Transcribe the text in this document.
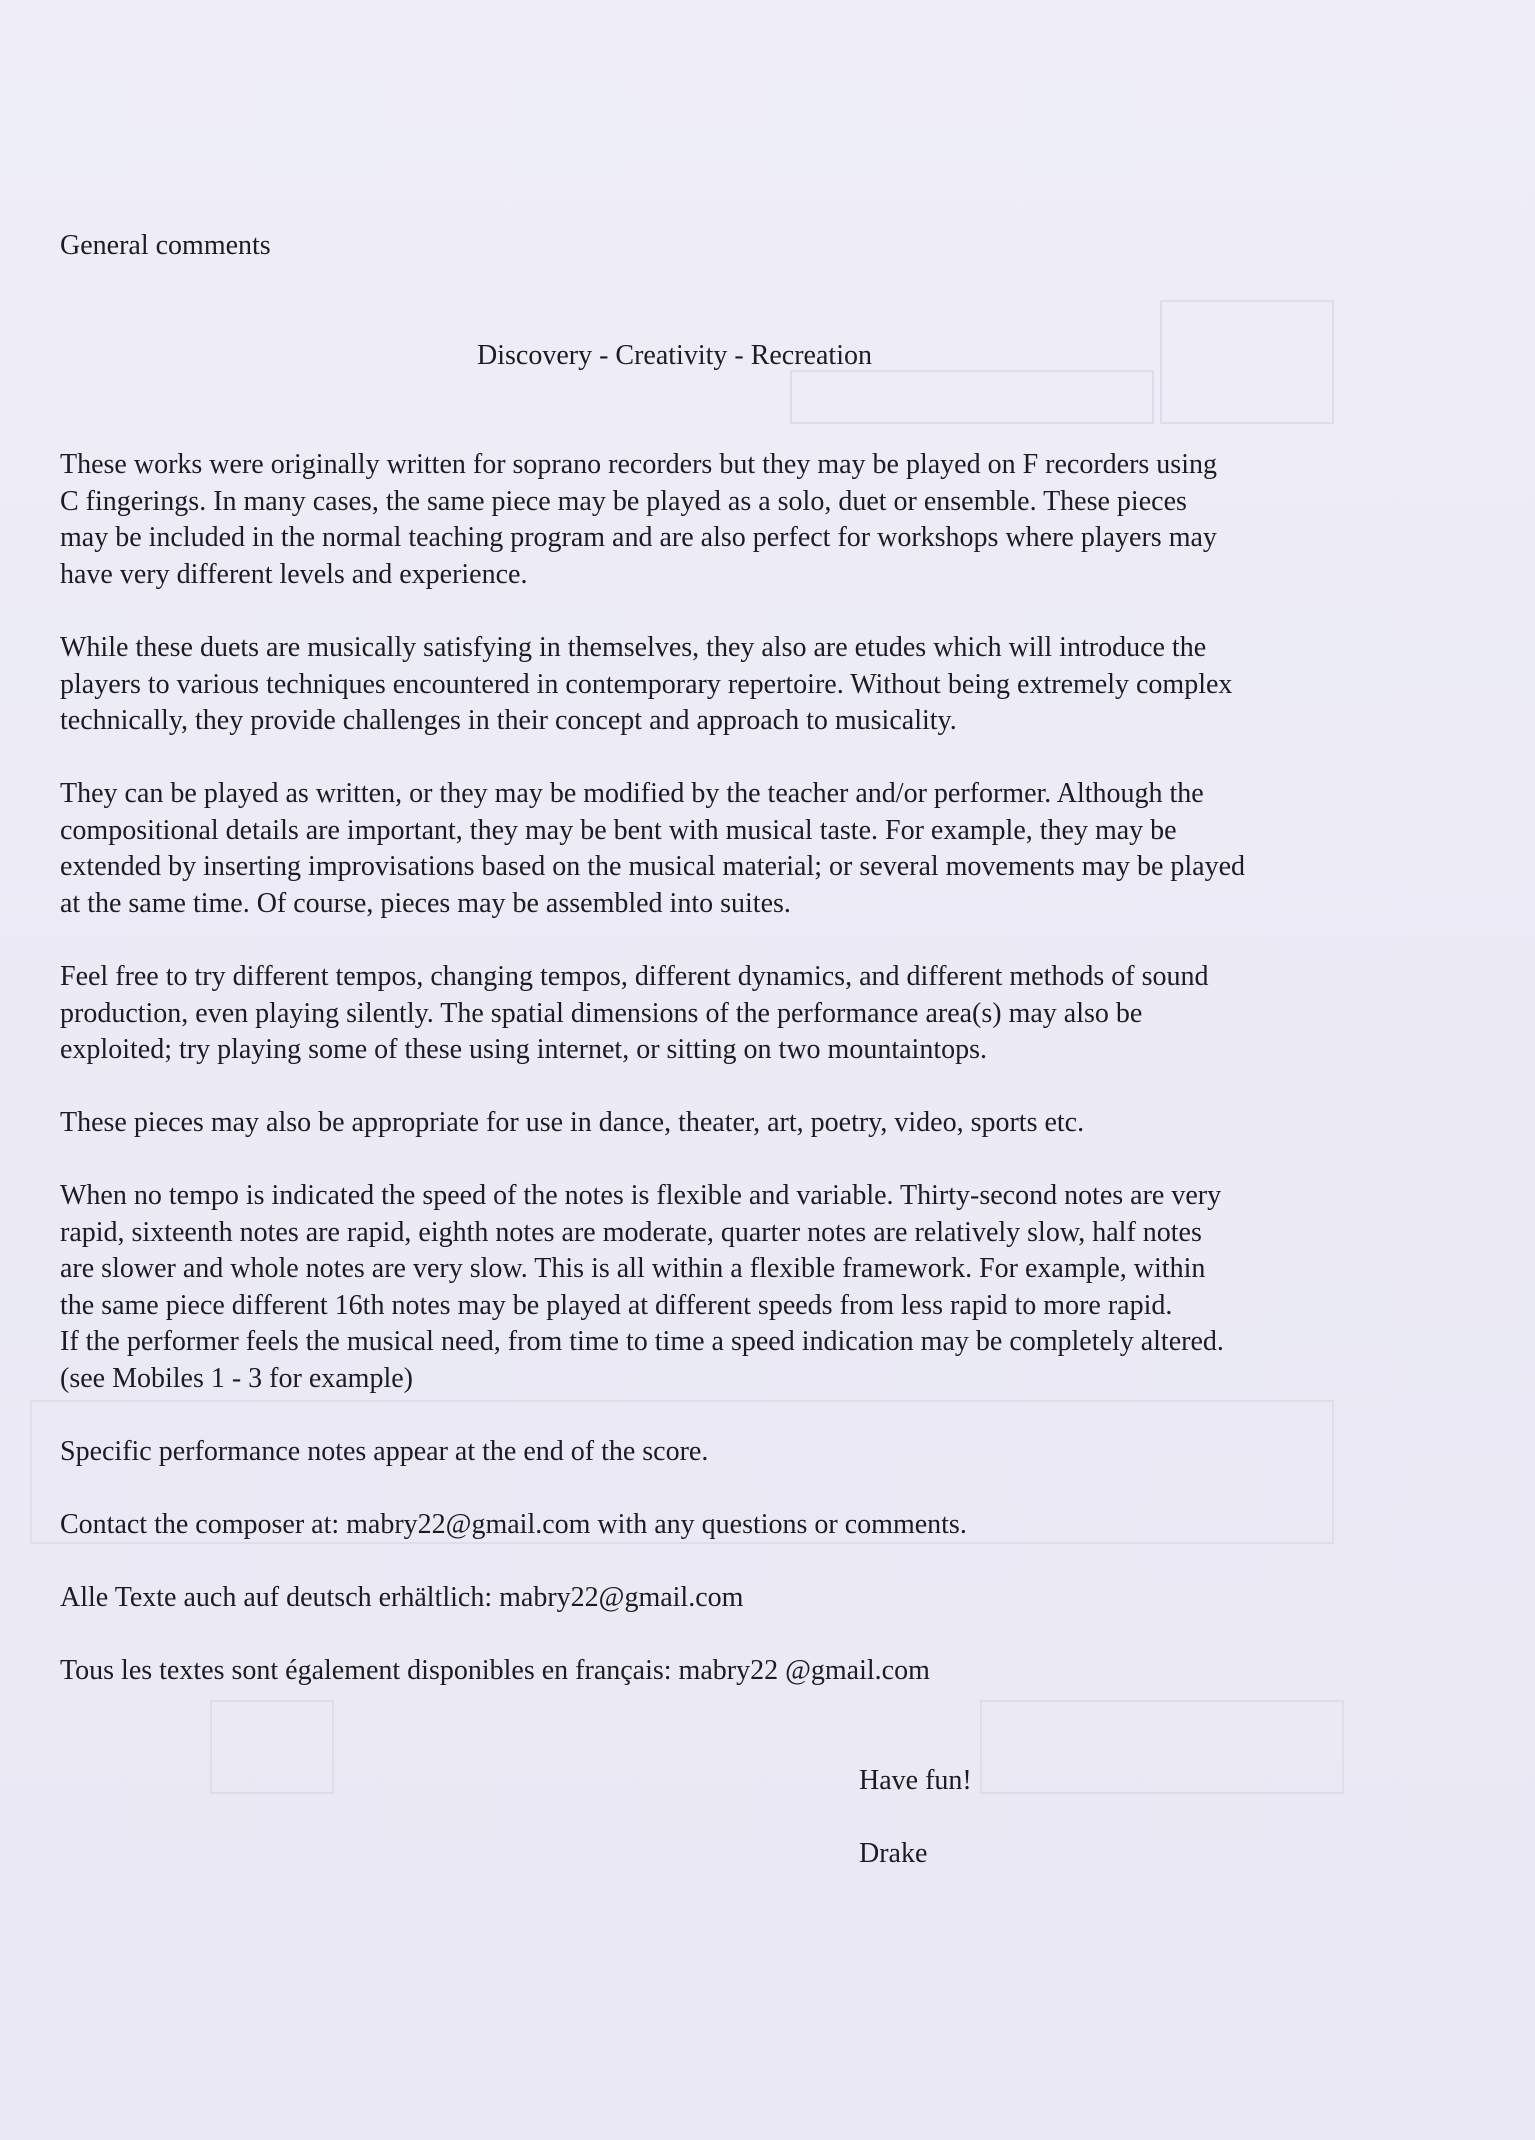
General comments

Discovery - Creativity - Recreation

These works were originally written for soprano recorders but they may be played on F recorders using
C fingerings. In many cases, the same piece may be played as a solo, duet or ensemble. These pieces
may be included in the normal teaching program and are also perfect for workshops where players may
have very different levels and experience.

While these duets are musically satisfying in themselves, they also are etudes which will introduce the
players to various techniques encountered in contemporary repertoire. Without being extremely complex
technically, they provide challenges in their concept and approach to musicality.

They can be played as written, or they may be modified by the teacher and/or performer. Although the
compositional details are important, they may be bent with musical taste. For example, they may be
extended by inserting improvisations based on the musical material; or several movements may be played
at the same time. Of course, pieces may be assembled into suites.

Feel free to try different tempos, changing tempos, different dynamics, and different methods of sound
production, even playing silently. The spatial dimensions of the performance area(s) may also be
exploited; try playing some of these using internet, or sitting on two mountaintops.

These pieces may also be appropriate for use in dance, theater, art, poetry, video, sports etc.

When no tempo is indicated the speed of the notes is flexible and variable. Thirty-second notes are very
rapid, sixteenth notes are rapid, eighth notes are moderate, quarter notes are relatively slow, half notes
are slower and whole notes are very slow. This is all within a flexible framework. For example, within
the same piece different 16th notes may be played at different speeds from less rapid to more rapid.
If the performer feels the musical need, from time to time a speed indication may be completely altered.
(see Mobiles 1 - 3 for example)

Specific performance notes appear at the end of the score.

Contact the composer at: mabry22@gmail.com with any questions or comments.

Alle Texte auch auf deutsch erhältlich: mabry22@gmail.com

Tous les textes sont également disponibles en français: mabry22 @gmail.com

Have fun!

Drake
